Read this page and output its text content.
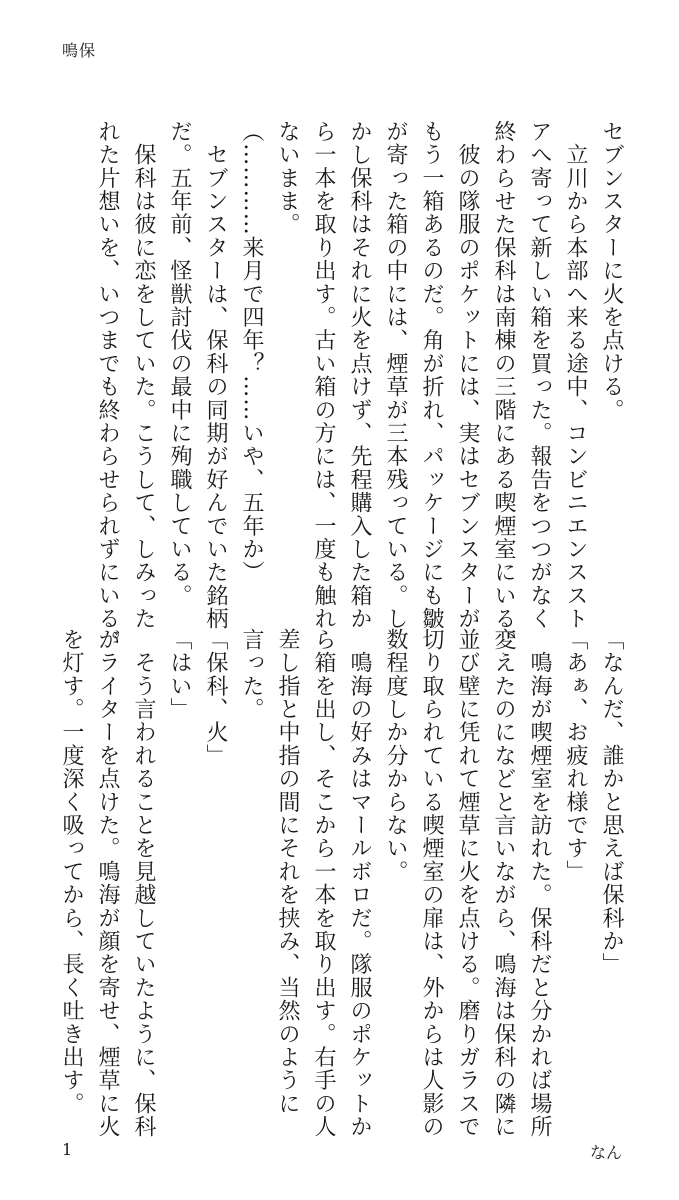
鳴保
セブンスターに火を点ける。
　立川から本部へ来る途中、コンビニエンススト
アへ寄って新しい箱を買った。報告をつつがなく
終わらせた保科は南棟の三階にある喫煙室にいる。
　彼の隊服のポケットには、実はセブンスターが
もう一箱あるのだ。角が折れ、パッケージにも皺
が寄った箱の中には、煙草が三本残っている。し
かし保科はそれに火を点けず、先程購入した箱か
ら一本を取り出す。古い箱の方には、一度も触れ
ないまま。
（…………来月で四年？……いや、五年か）
　セブンスターは、保科の同期が好んでいた銘柄
だ。五年前、怪獣討伐の最中に殉職している。
　保科は彼に恋をしていた。こうして、しみった
れた片想いを、いつまでも終わらせられずにいる。
「なんだ、誰かと思えば保科か」
「あぁ、お疲れ様です」
　鳴海が喫煙室を訪れた。保科だと分かれば場所
変えたのになどと言いながら、鳴海は保科の隣に
並び壁に凭れて煙草に火を点ける。磨りガラスで
切り取られている喫煙室の扉は、外からは人影の
数程度しか分からない。
　鳴海の好みはマールボロだ。隊服のポケットか
ら箱を出し、そこから一本を取り出す。右手の人
差し指と中指の間にそれを挟み、当然のように
言った。
「保科、火」
「はい」
　そう言われることを見越していたように、保科
がライターを点けた。鳴海が顔を寄せ、煙草に火
を灯す。一度深く吸ってから、長く吐き出す。
1	なん
